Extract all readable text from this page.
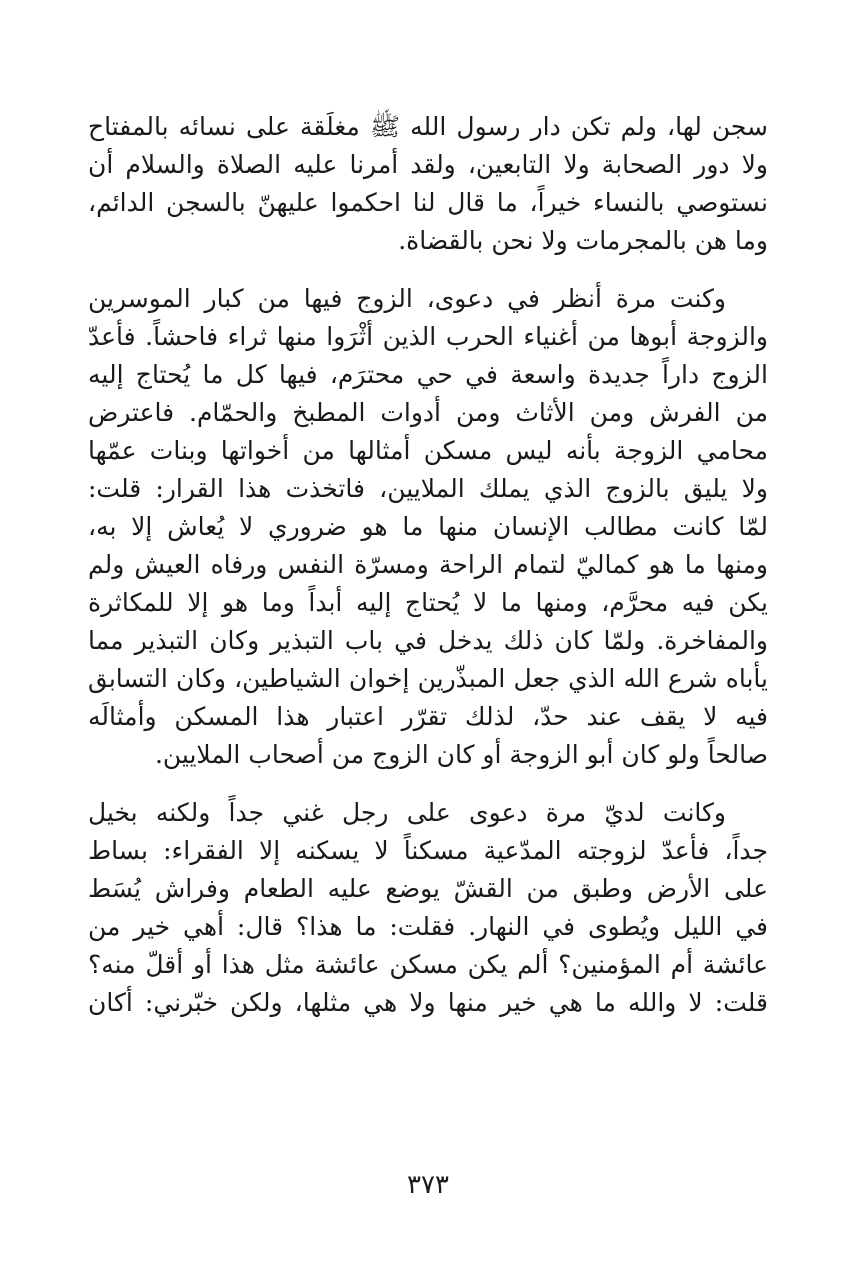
سجن لها، ولم تكن دار رسول الله ﷺ مغلَقة على نسائه بالمفتاح
ولا دور الصحابة ولا التابعين، ولقد أمرنا عليه الصلاة والسلام أن
نستوصي بالنساء خيراً، ما قال لنا احكموا عليهنّ بالسجن الدائم،
وما هن بالمجرمات ولا نحن بالقضاة.

وكنت مرة أنظر في دعوى، الزوج فيها من كبار الموسرين
والزوجة أبوها من أغنياء الحرب الذين أثْرَوا منها ثراء فاحشاً. فأعدّ
الزوج داراً جديدة واسعة في حي محترَم، فيها كل ما يُحتاج إليه
من الفرش ومن الأثاث ومن أدوات المطبخ والحمّام. فاعترض
محامي الزوجة بأنه ليس مسكن أمثالها من أخواتها وبنات عمّها
ولا يليق بالزوج الذي يملك الملايين، فاتخذت هذا القرار: قلت:
لمّا كانت مطالب الإنسان منها ما هو ضروري لا يُعاش إلا به،
ومنها ما هو كماليّ لتمام الراحة ومسرّة النفس ورفاه العيش ولم
يكن فيه محرَّم، ومنها ما لا يُحتاج إليه أبداً وما هو إلا للمكاثرة
والمفاخرة. ولمّا كان ذلك يدخل في باب التبذير وكان التبذير مما
يأباه شرع الله الذي جعل المبذّرين إخوان الشياطين، وكان التسابق
فيه لا يقف عند حدّ، لذلك تقرّر اعتبار هذا المسكن وأمثالَه
صالحاً ولو كان أبو الزوجة أو كان الزوج من أصحاب الملايين.

وكانت لديّ مرة دعوى على رجل غني جداً ولكنه بخيل
جداً، فأعدّ لزوجته المدّعية مسكناً لا يسكنه إلا الفقراء: بساط
على الأرض وطبق من القشّ يوضع عليه الطعام وفراش يُسَط
في الليل ويُطوى في النهار. فقلت: ما هذا؟ قال: أهي خير من
عائشة أم المؤمنين؟ ألم يكن مسكن عائشة مثل هذا أو أقلّ منه؟
قلت: لا والله ما هي خير منها ولا هي مثلها، ولكن خبّرني: أكان

٣٧٣
